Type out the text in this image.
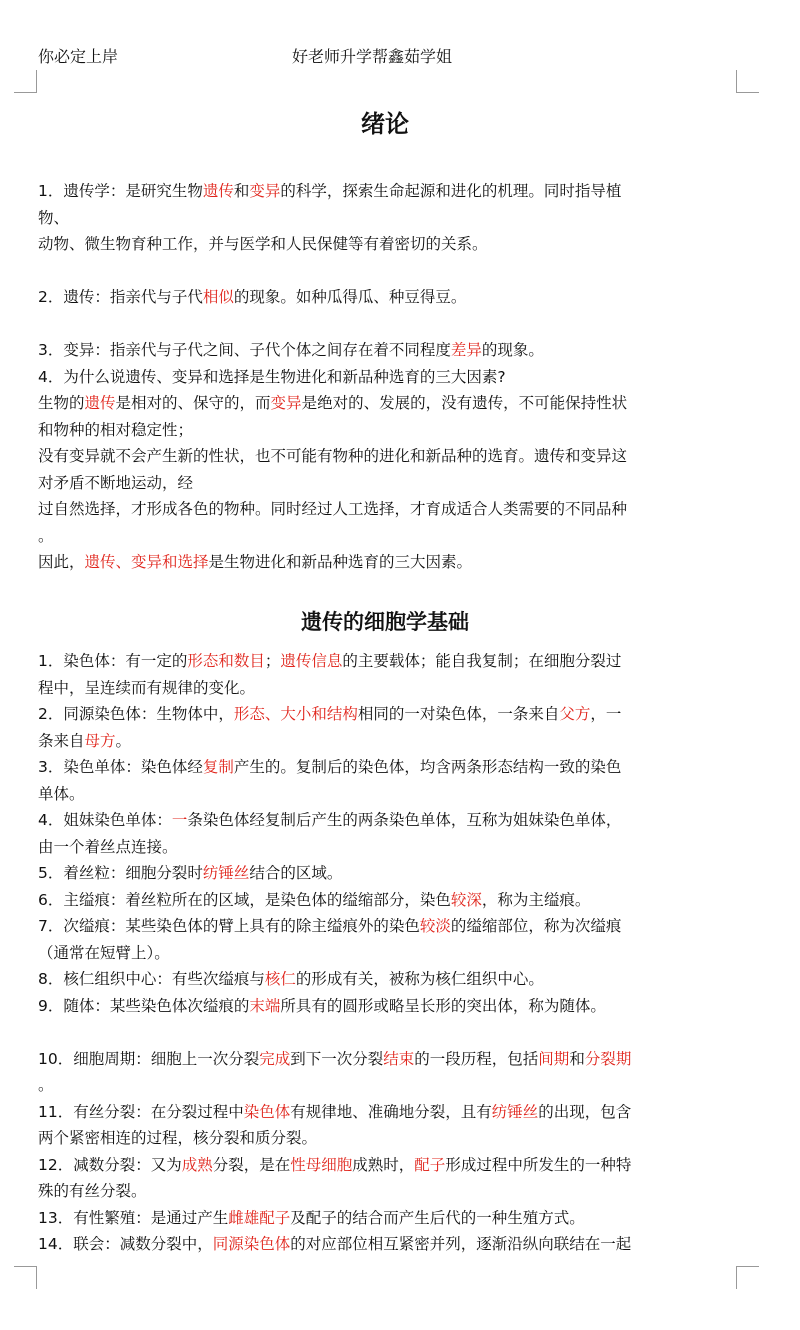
你必定上岸	好老师升学帮鑫茹学姐
绪论

1．遗传学：是研究生物遗传和变异的科学，探索生命起源和进化的机理。同时指导植

物、

动物、微生物育种工作，并与医学和人民保健等有着密切的关系。

2．遗传：指亲代与子代相似的现象。如种瓜得瓜、种豆得豆。

3．变异：指亲代与子代之间、子代个体之间存在着不同程度差异的现象。

4．为什么说遗传、变异和选择是生物进化和新品种选育的三大因素?

生物的遗传是相对的、保守的，而变异是绝对的、发展的，没有遗传，不可能保持性状

和物种的相对稳定性；

没有变异就不会产生新的性状，也不可能有物种的进化和新品种的选育。遗传和变异这

对矛盾不断地运动，经

过自然选择，才形成各色的物种。同时经过人工选择，才育成适合人类需要的不同品种

。

因此，遗传、变异和选择是生物进化和新品种选育的三大因素。

遗传的细胞学基础

1．染色体：有一定的形态和数目；遗传信息的主要载体；能自我复制；在细胞分裂过

程中，呈连续而有规律的变化。

2．同源染色体：生物体中，形态、大小和结构相同的一对染色体，一条来自父方，一

条来自母方。

3．染色单体：染色体经复制产生的。复制后的染色体，均含两条形态结构一致的染色

单体。

4．姐妹染色单体：一条染色体经复制后产生的两条染色单体，互称为姐妹染色单体，

由一个着丝点连接。

5．着丝粒：细胞分裂时纺锤丝结合的区域。

6．主缢痕：着丝粒所在的区域，是染色体的缢缩部分，染色较深，称为主缢痕。

7．次缢痕：某些染色体的臂上具有的除主缢痕外的染色较淡的缢缩部位，称为次缢痕

（通常在短臂上）。

8．核仁组织中心：有些次缢痕与核仁的形成有关，被称为核仁组织中心。

9．随体：某些染色体次缢痕的末端所具有的圆形或略呈长形的突出体，称为随体。

10．细胞周期：细胞上一次分裂完成到下一次分裂结束的一段历程，包括间期和分裂期

。

11．有丝分裂：在分裂过程中染色体有规律地、准确地分裂，且有纺锤丝的出现，包含

两个紧密相连的过程，核分裂和质分裂。

12．减数分裂：又为成熟分裂，是在性母细胞成熟时，配子形成过程中所发生的一种特

殊的有丝分裂。

13．有性繁殖：是通过产生雌雄配子及配子的结合而产生后代的一种生殖方式。

14．联会：减数分裂中，同源染色体的对应部位相互紧密并列，逐渐沿纵向联结在一起
